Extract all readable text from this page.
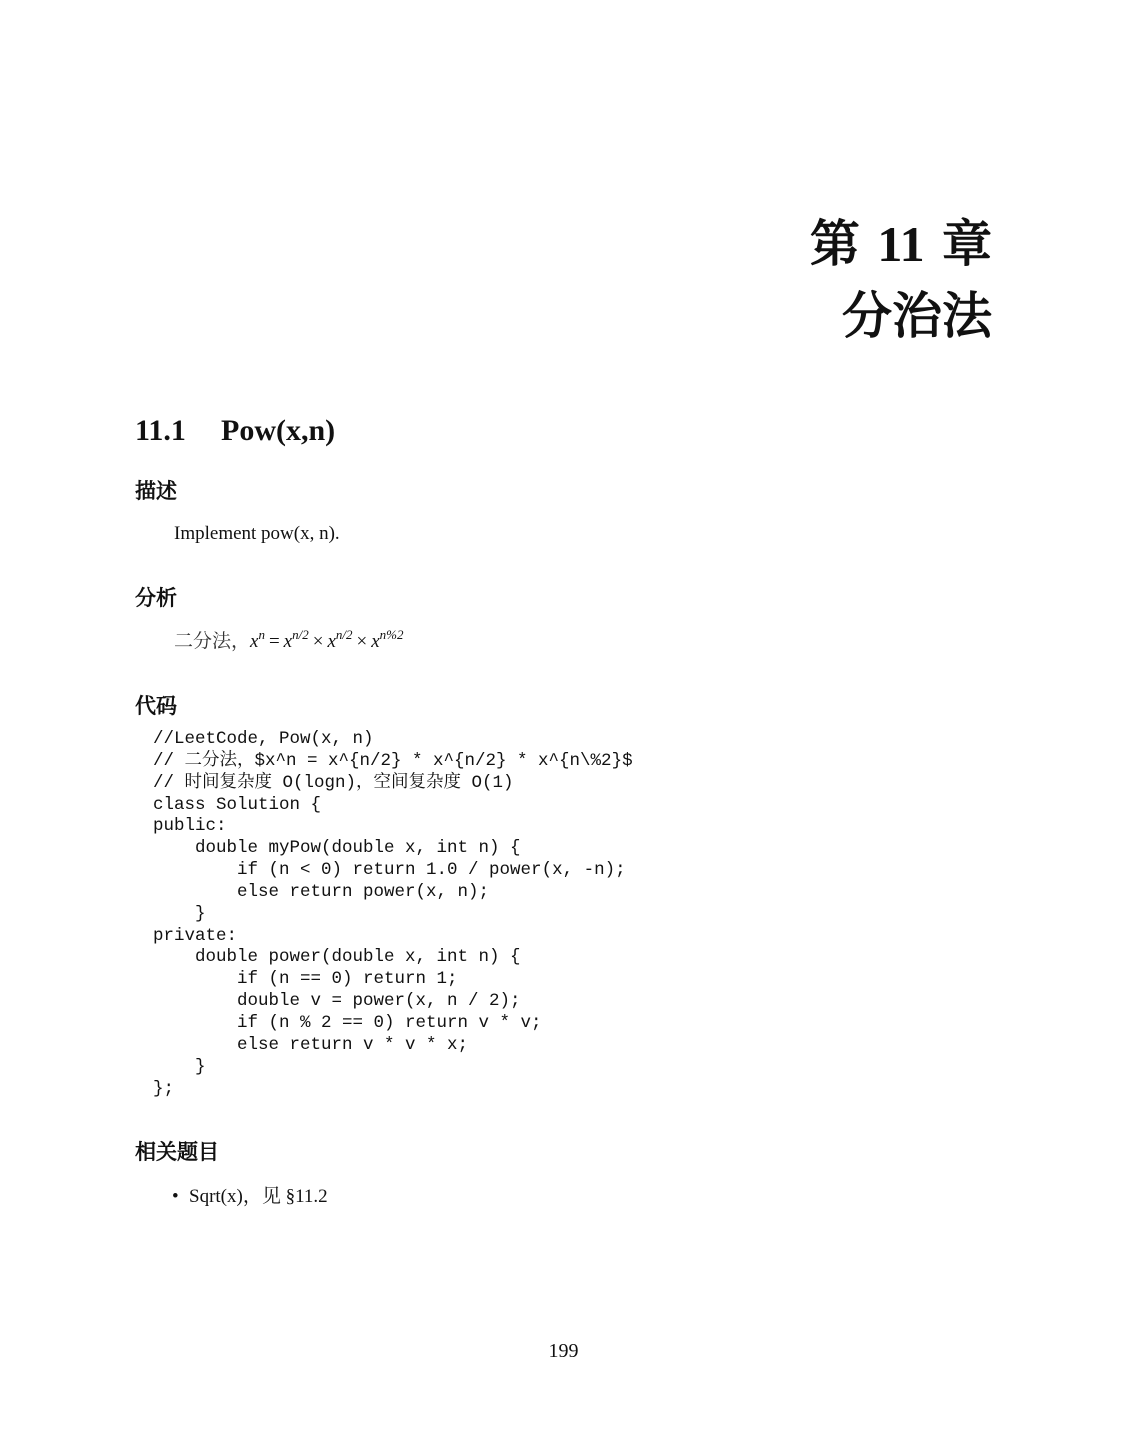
第 11 章
分治法
11.1 Pow(x,n)
描述
Implement pow(x, n).
分析
二分法，$x^n = x^{n/2} \times x^{n/2} \times x^{n\%2}$
代码
//LeetCode, Pow(x, n)
// 二分法，$x^n = x^{n/2} * x^{n/2} * x^{n\%2}$
// 时间复杂度 O(logn)，空间复杂度 O(1)
class Solution {
public:
double myPow(double x, int n) {
if (n < 0) return 1.0 / power(x, -n);
else return power(x, n);
}
private:
double power(double x, int n) {
if (n == 0) return 1;
double v = power(x, n / 2);
if (n % 2 == 0) return v * v;
else return v * v * x;
}
};
相关题目
• Sqrt(x)，见 §11.2
199
